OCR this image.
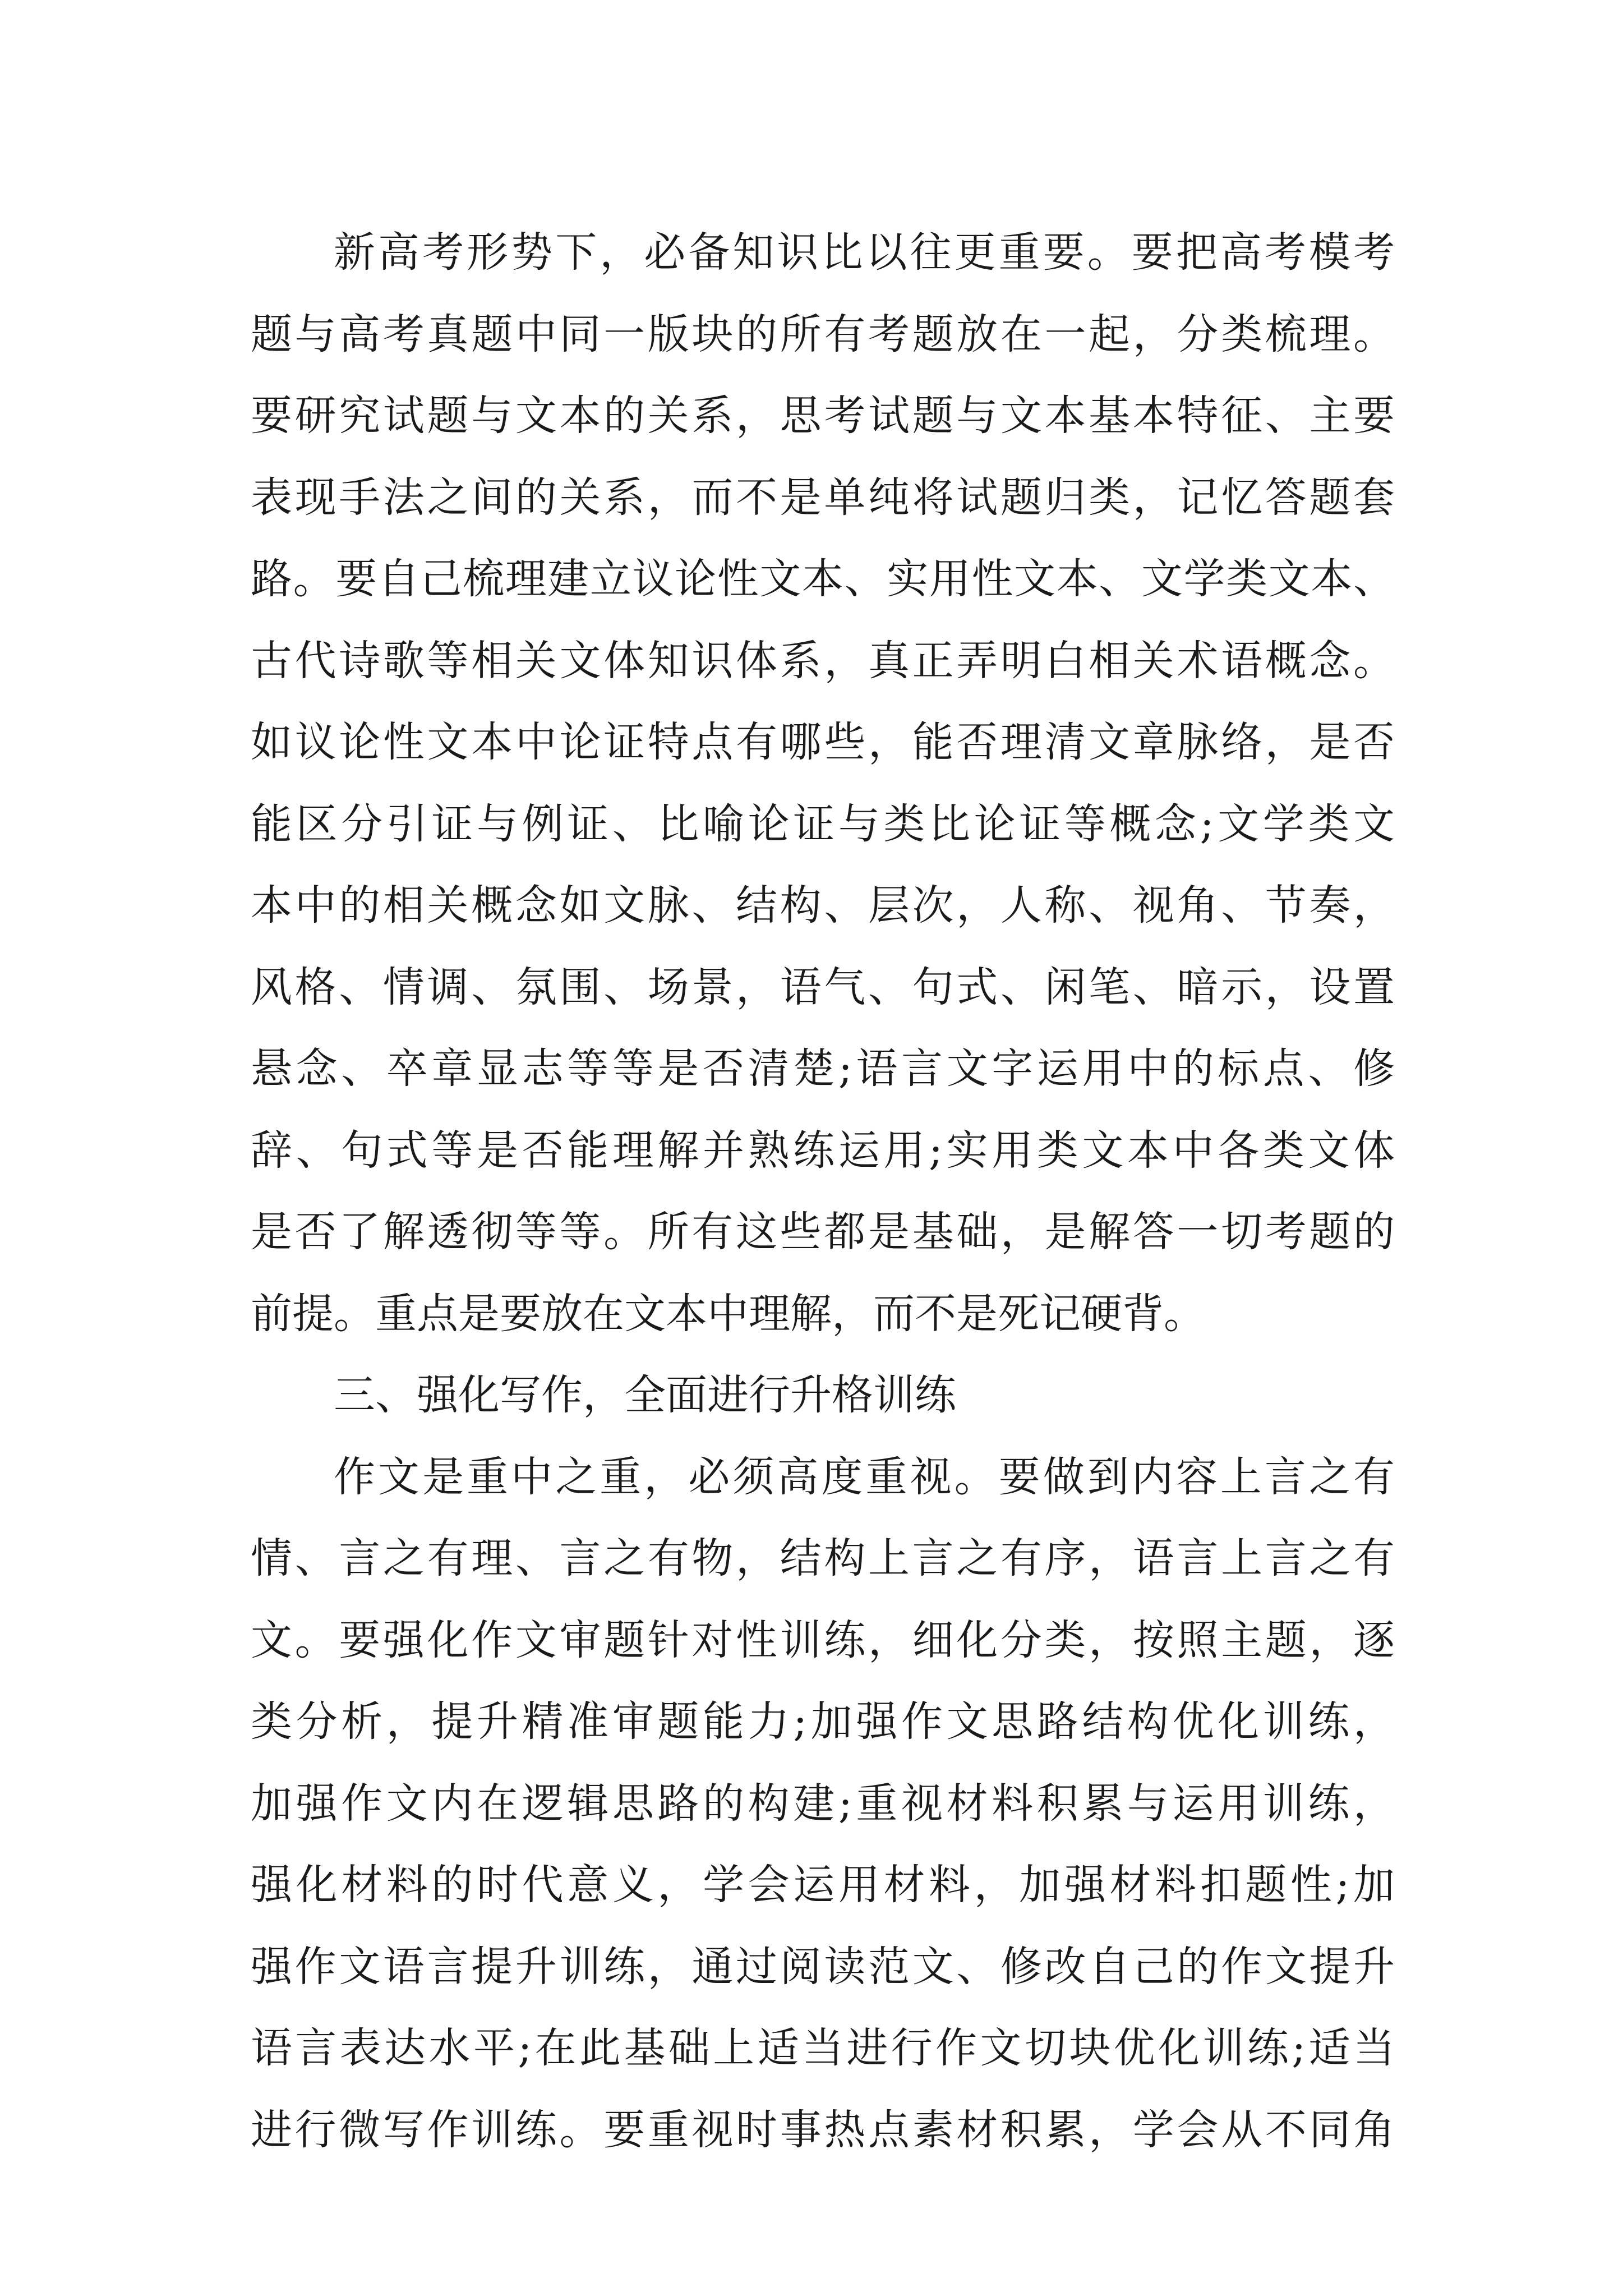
新高考形势下，必备知识比以往更重要。要把高考模考
题与高考真题中同一版块的所有考题放在一起，分类梳理。
要研究试题与文本的关系，思考试题与文本基本特征、主要
表现手法之间的关系，而不是单纯将试题归类，记忆答题套
路。要自己梳理建立议论性文本、实用性文本、文学类文本、
古代诗歌等相关文体知识体系，真正弄明白相关术语概念。
如议论性文本中论证特点有哪些，能否理清文章脉络，是否
能区分引证与例证、比喻论证与类比论证等概念;文学类文
本中的相关概念如文脉、结构、层次，人称、视角、节奏，
风格、情调、氛围、场景，语气、句式、闲笔、暗示，设置
悬念、卒章显志等等是否清楚;语言文字运用中的标点、修
辞、句式等是否能理解并熟练运用;实用类文本中各类文体
是否了解透彻等等。所有这些都是基础，是解答一切考题的
前提。重点是要放在文本中理解，而不是死记硬背。
三、强化写作，全面进行升格训练
作文是重中之重，必须高度重视。要做到内容上言之有
情、言之有理、言之有物，结构上言之有序，语言上言之有
文。要强化作文审题针对性训练，细化分类，按照主题，逐
类分析，提升精准审题能力;加强作文思路结构优化训练，
加强作文内在逻辑思路的构建;重视材料积累与运用训练，
强化材料的时代意义，学会运用材料，加强材料扣题性;加
强作文语言提升训练，通过阅读范文、修改自己的作文提升
语言表达水平;在此基础上适当进行作文切块优化训练;适当
进行微写作训练。要重视时事热点素材积累，学会从不同角
